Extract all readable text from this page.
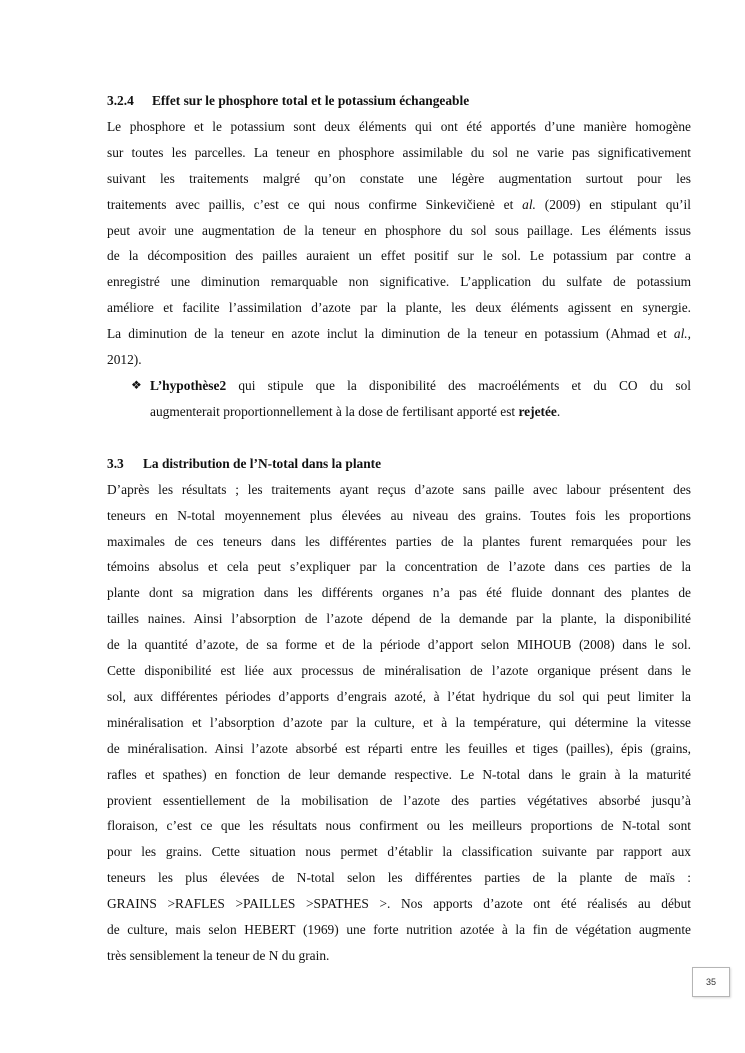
3.2.4	Effet sur le phosphore total et le potassium échangeable
Le phosphore et le potassium sont deux éléments qui ont été apportés d’une manière homogène
sur toutes les parcelles. La teneur en phosphore assimilable du sol ne varie pas significativement
suivant les traitements malgré qu’on constate une légère augmentation surtout pour les
traitements avec paillis, c’est ce qui nous confirme Sinkevičienė et al. (2009) en stipulant qu’il
peut avoir une augmentation de la teneur en phosphore du sol sous paillage. Les éléments issus
de la décomposition des pailles auraient un effet positif sur le sol. Le potassium par contre a
enregistré une diminution remarquable non significative. L’application du sulfate de potassium
améliore et facilite l’assimilation d’azote par la plante, les deux éléments agissent en synergie.
La diminution de la teneur en azote inclut la diminution de la teneur en potassium (Ahmad et al.,
2012).
❖ L’hypothèse2 qui stipule que la disponibilité des macroéléments et du CO du sol
augmenterait proportionnellement à la dose de fertilisant apporté est rejetée.
3.3	La distribution de l’N-total dans la plante
D’après les résultats ; les traitements ayant reçus d’azote sans paille avec labour présentent des
teneurs en N-total moyennement plus élevées au niveau des grains. Toutes fois les proportions
maximales de ces teneurs dans les différentes parties de la plantes furent remarquées pour les
témoins absolus et cela peut s’expliquer par la concentration de l’azote dans ces parties de la
plante dont sa migration dans les différents organes n’a pas été fluide donnant des plantes de
tailles naines. Ainsi l’absorption de l’azote dépend de la demande par la plante, la disponibilité
de la quantité d’azote, de sa forme et de la période d’apport selon MIHOUB (2008) dans le sol.
Cette disponibilité est liée aux processus de minéralisation de l’azote organique présent dans le
sol, aux différentes périodes d’apports d’engrais azoté, à l’état hydrique du sol qui peut limiter la
minéralisation et l’absorption d’azote par la culture, et à la température, qui détermine la vitesse
de minéralisation. Ainsi l’azote absorbé est réparti entre les feuilles et tiges (pailles), épis (grains,
rafles et spathes) en fonction de leur demande respective. Le N-total dans le grain à la maturité
provient essentiellement de la mobilisation de l’azote des parties végétatives absorbé jusqu’à
floraison, c’est ce que les résultats nous confirment ou les meilleurs proportions de N-total sont
pour les grains. Cette situation nous permet d’établir la classification suivante par rapport aux
teneurs les plus élevées de N-total selon les différentes parties de la plante de maïs :
GRAINS >RAFLES >PAILLES >SPATHES >. Nos apports d’azote ont été réalisés au début
de culture, mais selon HEBERT (1969) une forte nutrition azotée à la fin de végétation augmente
très sensiblement la teneur de N du grain.
35
